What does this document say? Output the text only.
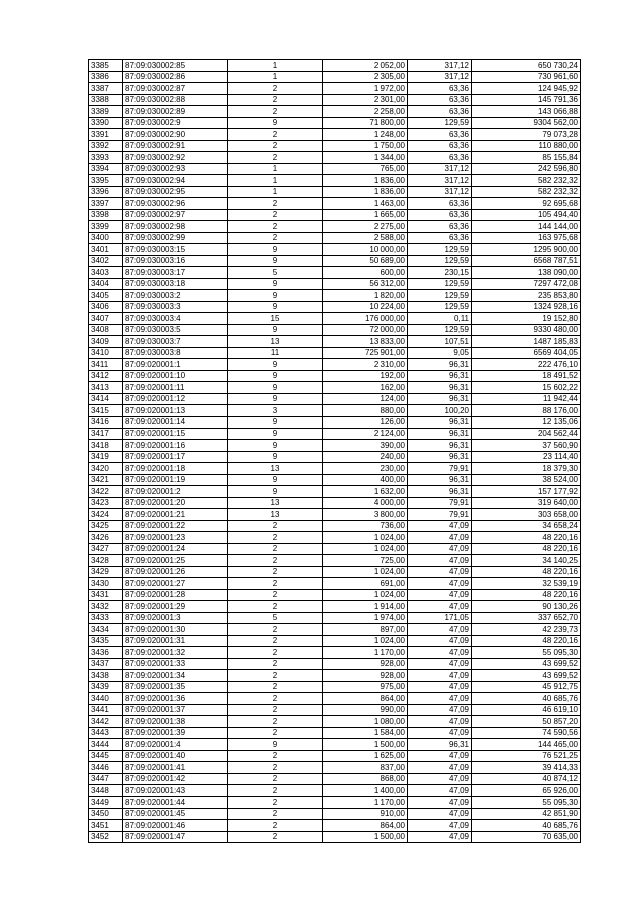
3385	87:09:030002:85	1	2 052,00	317,12	650 730,24
3386	87:09:030002:86	1	2 305,00	317,12	730 961,60
3387	87:09:030002:87	2	1 972,00	63,36	124 945,92
3388	87:09:030002:88	2	2 301,00	63,36	145 791,36
3389	87:09:030002:89	2	2 258,00	63,36	143 066,88
3390	87:09:030002:9	9	71 800,00	129,59	9304 562,00
3391	87:09:030002:90	2	1 248,00	63,36	79 073,28
3392	87:09:030002:91	2	1 750,00	63,36	110 880,00
3393	87:09:030002:92	2	1 344,00	63,36	85 155,84
3394	87:09:030002:93	1	765,00	317,12	242 596,80
3395	87:09:030002:94	1	1 836,00	317,12	582 232,32
3396	87:09:030002:95	1	1 836,00	317,12	582 232,32
3397	87:09:030002:96	2	1 463,00	63,36	92 695,68
3398	87:09:030002:97	2	1 665,00	63,36	105 494,40
3399	87:09:030002:98	2	2 275,00	63,36	144 144,00
3400	87:09:030002:99	2	2 588,00	63,36	163 975,68
3401	87:09:030003:15	9	10 000,00	129,59	1295 900,00
3402	87:09:030003:16	9	50 689,00	129,59	6568 787,51
3403	87:09:030003:17	5	600,00	230,15	138 090,00
3404	87:09:030003:18	9	56 312,00	129,59	7297 472,08
3405	87:09:030003:2	9	1 820,00	129,59	235 853,80
3406	87:09:030003:3	9	10 224,00	129,59	1324 928,16
3407	87:09:030003:4	15	176 000,00	0,11	19 152,80
3408	87:09:030003:5	9	72 000,00	129,59	9330 480,00
3409	87:09:030003:7	13	13 833,00	107,51	1487 185,83
3410	87:09:030003:8	11	725 901,00	9,05	6569 404,05
3411	87:09:020001:1	9	2 310,00	96,31	222 476,10
3412	87:09:020001:10	9	192,00	96,31	18 491,52
3413	87:09:020001:11	9	162,00	96,31	15 602,22
3414	87:09:020001:12	9	124,00	96,31	11 942,44
3415	87:09:020001:13	3	880,00	100,20	88 176,00
3416	87:09:020001:14	9	126,00	96,31	12 135,06
3417	87:09:020001:15	9	2 124,00	96,31	204 562,44
3418	87:09:020001:16	9	390,00	96,31	37 560,90
3419	87:09:020001:17	9	240,00	96,31	23 114,40
3420	87:09:020001:18	13	230,00	79,91	18 379,30
3421	87:09:020001:19	9	400,00	96,31	38 524,00
3422	87:09:020001:2	9	1 632,00	96,31	157 177,92
3423	87:09:020001:20	13	4 000,00	79,91	319 640,00
3424	87:09:020001:21	13	3 800,00	79,91	303 658,00
3425	87:09:020001:22	2	736,00	47,09	34 658,24
3426	87:09:020001:23	2	1 024,00	47,09	48 220,16
3427	87:09:020001:24	2	1 024,00	47,09	48 220,16
3428	87:09:020001:25	2	725,00	47,09	34 140,25
3429	87:09:020001:26	2	1 024,00	47,09	48 220,16
3430	87:09:020001:27	2	691,00	47,09	32 539,19
3431	87:09:020001:28	2	1 024,00	47,09	48 220,16
3432	87:09:020001:29	2	1 914,00	47,09	90 130,26
3433	87:09:020001:3	5	1 974,00	171,05	337 652,70
3434	87:09:020001:30	2	897,00	47,09	42 239,73
3435	87:09:020001:31	2	1 024,00	47,09	48 220,16
3436	87:09:020001:32	2	1 170,00	47,09	55 095,30
3437	87:09:020001:33	2	928,00	47,09	43 699,52
3438	87:09:020001:34	2	928,00	47,09	43 699,52
3439	87:09:020001:35	2	975,00	47,09	45 912,75
3440	87:09:020001:36	2	864,00	47,09	40 685,76
3441	87:09:020001:37	2	990,00	47,09	46 619,10
3442	87:09:020001:38	2	1 080,00	47,09	50 857,20
3443	87:09:020001:39	2	1 584,00	47,09	74 590,56
3444	87:09:020001:4	9	1 500,00	96,31	144 465,00
3445	87:09:020001:40	2	1 625,00	47,09	76 521,25
3446	87:09:020001:41	2	837,00	47,09	39 414,33
3447	87:09:020001:42	2	868,00	47,09	40 874,12
3448	87:09:020001:43	2	1 400,00	47,09	65 926,00
3449	87:09:020001:44	2	1 170,00	47,09	55 095,30
3450	87:09:020001:45	2	910,00	47,09	42 851,90
3451	87:09:020001:46	2	864,00	47,09	40 685,76
3452	87:09:020001:47	2	1 500,00	47,09	70 635,00
